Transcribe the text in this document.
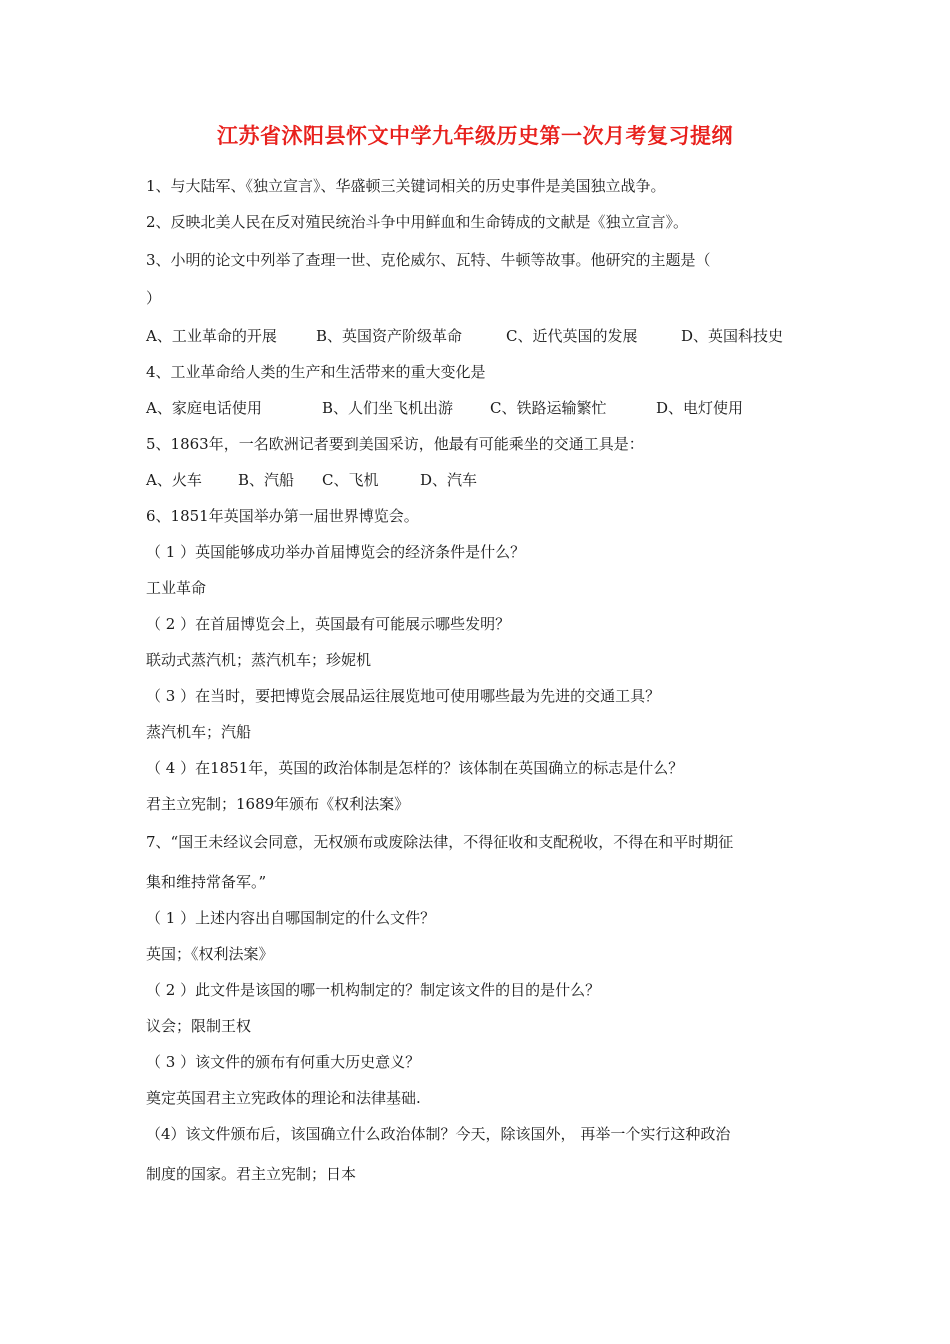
江苏省沭阳县怀文中学九年级历史第一次月考复习提纲

1、与大陆军、《独立宣言》、华盛顿三关键词相关的历史事件是美国独立战争。

2、反映北美人民在反对殖民统治斗争中用鲜血和生命铸成的文献是《独立宣言》。

3、小明的论文中列举了查理一世、克伦威尔、瓦特、牛顿等故事。他研究的主题是（

）

A、工业革命的开展	B、英国资产阶级革命	C、近代英国的发展	D、英国科技史

4、工业革命给人类的生产和生活带来的重大变化是

A、家庭电话使用	B、人们坐飞机出游 C、铁路运输繁忙	D、电灯使用

5、1863年，一名欧洲记者要到美国采访，他最有可能乘坐的交通工具是：

A、火车 B、汽船 C、飞机	D、汽车

6、1851年英国举办第一届世界博览会。

（ 1 ）英国能够成功举办首届博览会的经济条件是什么？

工业革命

（ 2 ）在首届博览会上，英国最有可能展示哪些发明？

联动式蒸汽机；蒸汽机车；珍妮机

（ 3 ）在当时，要把博览会展品运往展览地可使用哪些最为先进的交通工具？

蒸汽机车；汽船

（ 4 ）在1851年，英国的政治体制是怎样的？该体制在英国确立的标志是什么？

君主立宪制；1689年颁布《权利法案》

7、“国王未经议会同意，无权颁布或废除法律，不得征收和支配税收，不得在和平时期征

集和维持常备军。”

（ 1 ）上述内容出自哪国制定的什么文件？

英国；《权利法案》

（ 2 ）此文件是该国的哪一机构制定的？制定该文件的目的是什么？

议会；限制王权

（ 3 ）该文件的颁布有何重大历史意义？

奠定英国君主立宪政体的理论和法律基础.

（4）该文件颁布后，该国确立什么政治体制？今天，除该国外， 再举一个实行这种政治

制度的国家。君主立宪制；日本
